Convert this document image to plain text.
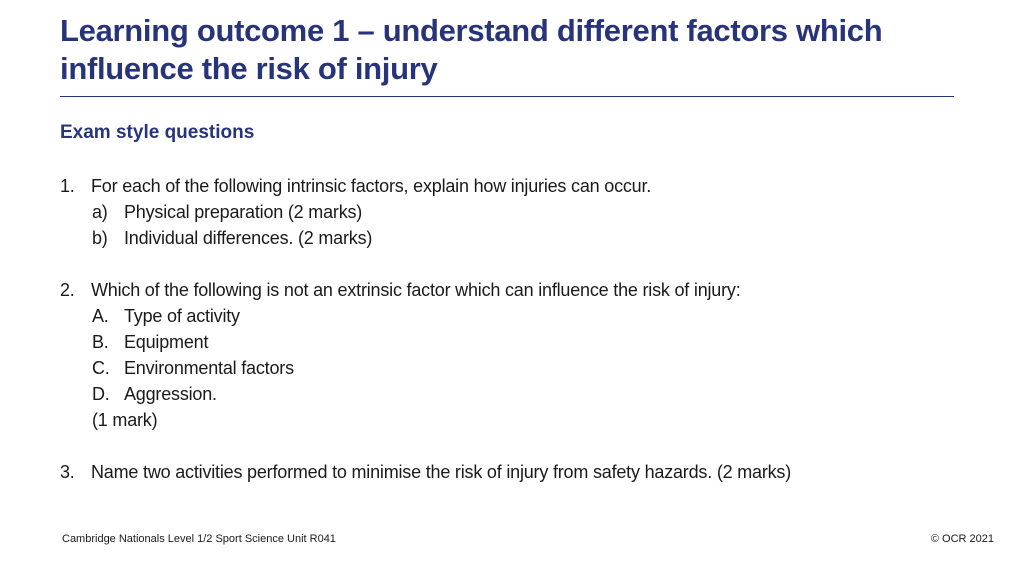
Learning outcome 1 – understand different factors which
influence the risk of injury
Exam style questions
1. For each of the following intrinsic factors, explain how injuries can occur.
a) Physical preparation (2 marks)
b) Individual differences. (2 marks)
2. Which of the following is not an extrinsic factor which can influence the risk of injury:
A. Type of activity
B. Equipment
C. Environmental factors
D. Aggression.
(1 mark)
3. Name two activities performed to minimise the risk of injury from safety hazards. (2 marks)
Cambridge Nationals Level 1/2 Sport Science Unit R041	© OCR 2021
